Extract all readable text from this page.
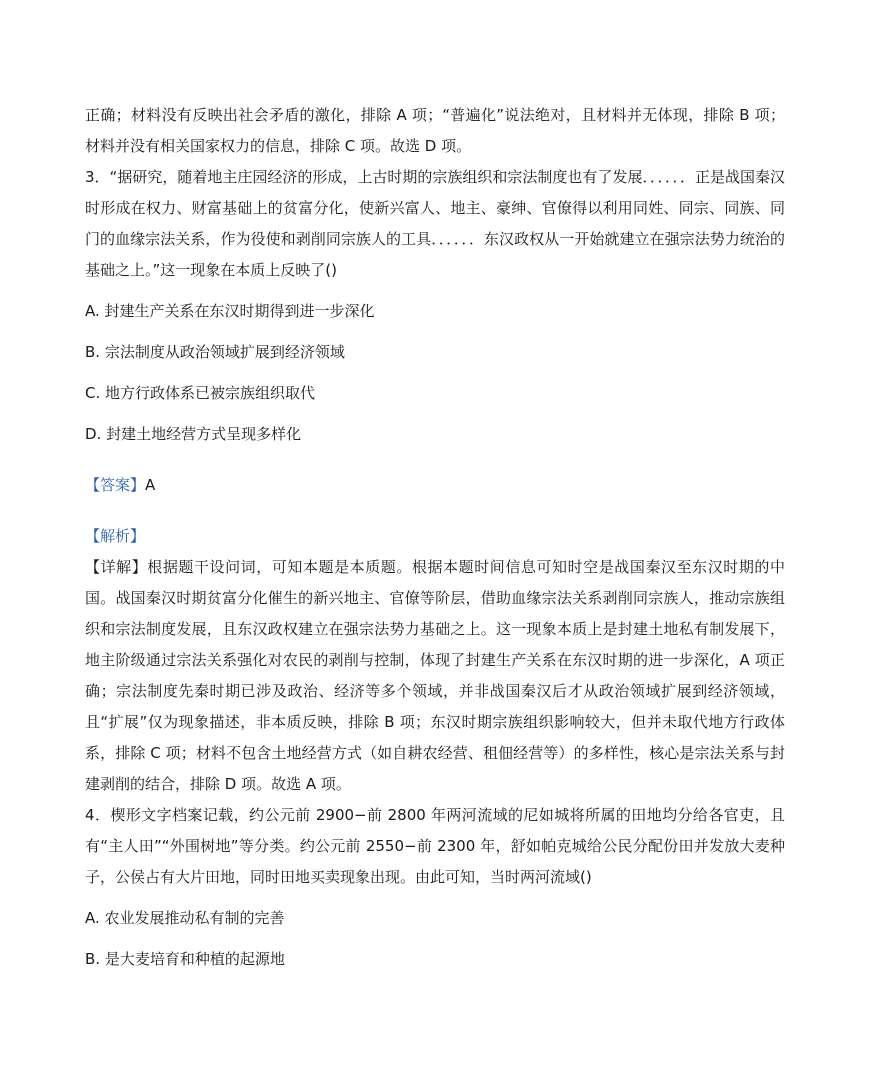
正确；材料没有反映出社会矛盾的激化，排除 A 项；“普遍化”说法绝对，且材料并无体现，排除 B 项；材料并没有相关国家权力的信息，排除 C 项。故选 D 项。

3．“据研究，随着地主庄园经济的形成，上古时期的宗族组织和宗法制度也有了发展．．．．．．正是战国秦汉时形成在权力、财富基础上的贫富分化，使新兴富人、地主、豪绅、官僚得以利用同姓、同宗、同族、同门的血缘宗法关系，作为役使和剥削同宗族人的工具．．．．．．东汉政权从一开始就建立在强宗法势力统治的基础之上。”这一现象在本质上反映了()

A. 封建生产关系在东汉时期得到进一步深化

B. 宗法制度从政治领域扩展到经济领域

C. 地方行政体系已被宗族组织取代

D. 封建土地经营方式呈现多样化

【答案】A

【解析】

【详解】根据题干设问词，可知本题是本质题。根据本题时间信息可知时空是战国秦汉至东汉时期的中国。战国秦汉时期贫富分化催生的新兴地主、官僚等阶层，借助血缘宗法关系剥削同宗族人，推动宗族组织和宗法制度发展，且东汉政权建立在强宗法势力基础之上。这一现象本质上是封建土地私有制发展下，地主阶级通过宗法关系强化对农民的剥削与控制，体现了封建生产关系在东汉时期的进一步深化，A 项正确；宗法制度先秦时期已涉及政治、经济等多个领域，并非战国秦汉后才从政治领域扩展到经济领域，且“扩展”仅为现象描述，非本质反映，排除 B 项；东汉时期宗族组织影响较大，但并未取代地方行政体系，排除 C 项；材料不包含土地经营方式（如自耕农经营、租佃经营等）的多样性，核心是宗法关系与封建剥削的结合，排除 D 项。故选 A 项。

4．楔形文字档案记载，约公元前 2900−前 2800 年两河流域的尼如城将所属的田地均分给各官吏，且有“主人田”“外围树地”等分类。约公元前 2550−前 2300 年，舒如帕克城给公民分配份田并发放大麦种子，公侯占有大片田地，同时田地买卖现象出现。由此可知，当时两河流域()

A. 农业发展推动私有制的完善

B. 是大麦培育和种植的起源地
